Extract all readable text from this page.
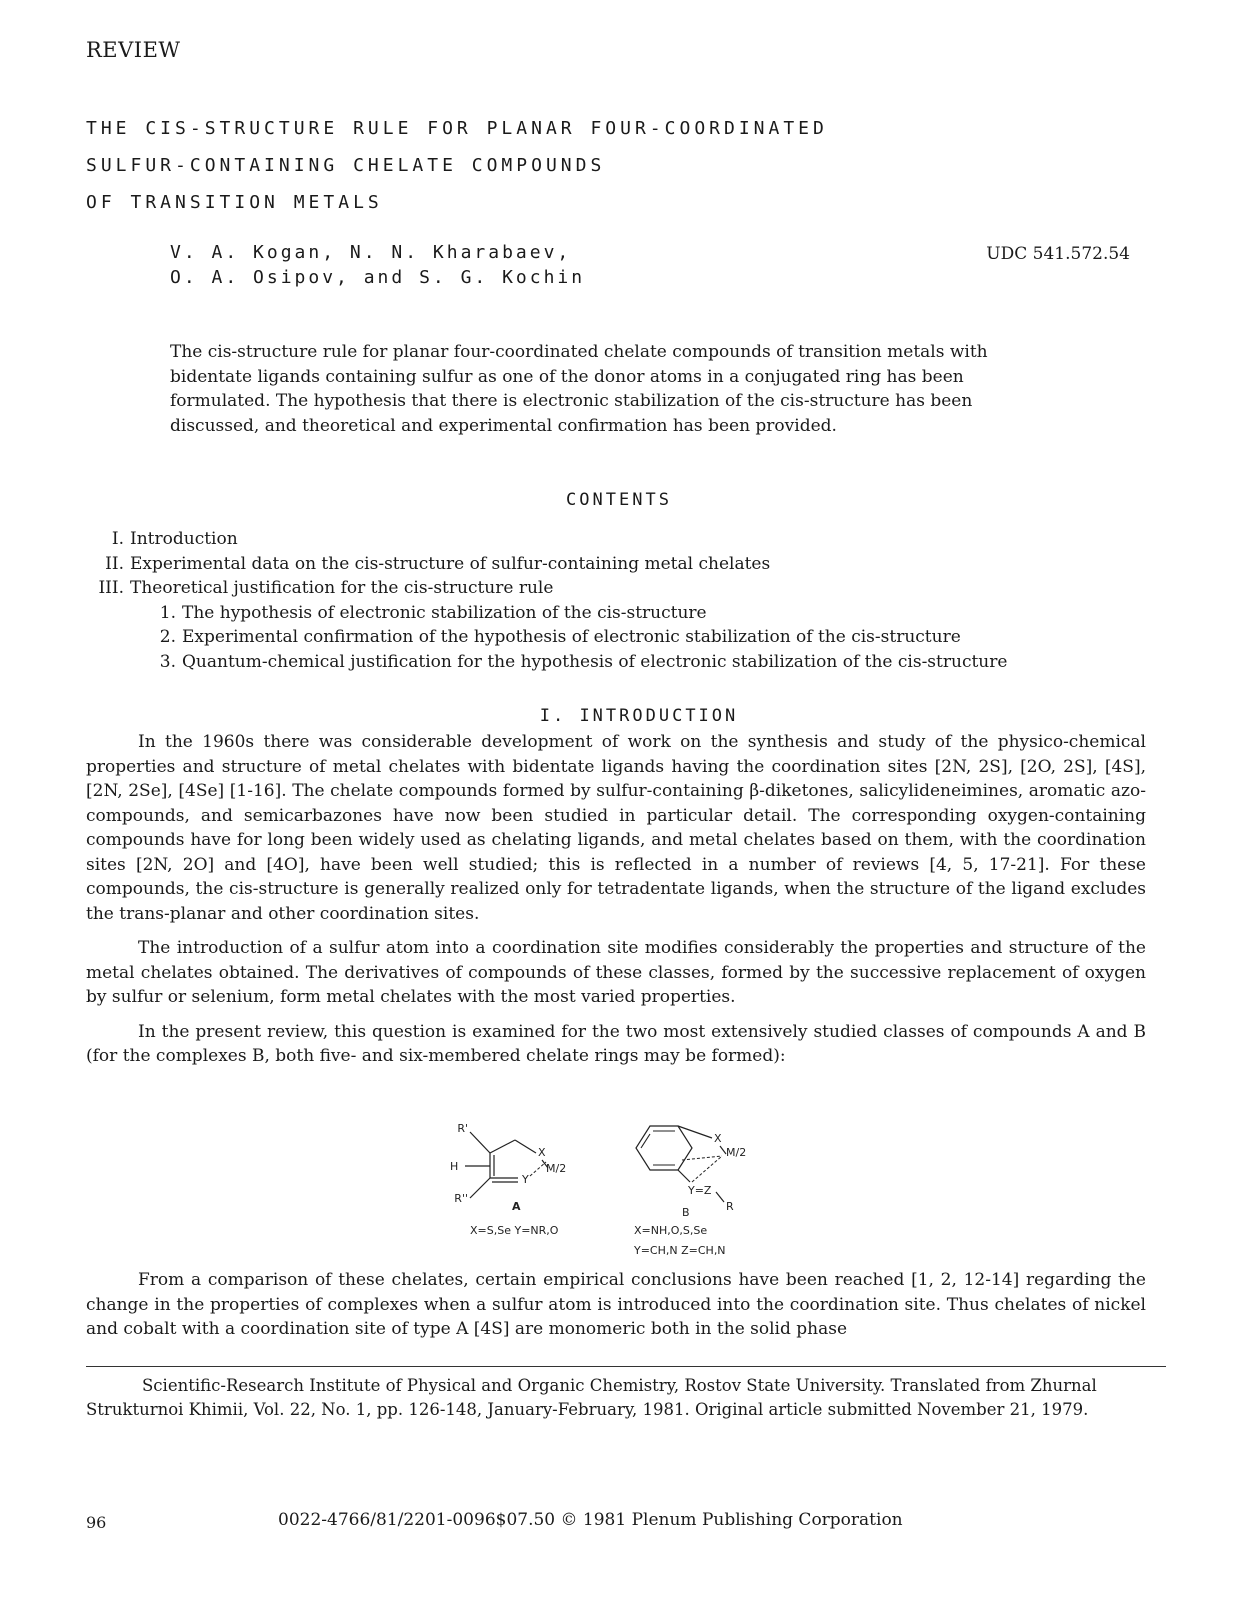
REVIEW
THE CIS-STRUCTURE RULE FOR PLANAR FOUR-COORDINATED
SULFUR-CONTAINING CHELATE COMPOUNDS
OF TRANSITION METALS
V. A. Kogan, N. N. Kharabaev,
O. A. Osipov, and S. G. Kochin
UDC 541.572.54
The cis-structure rule for planar four-coordinated chelate compounds of transition metals with bidentate ligands containing sulfur as one of the donor atoms in a conjugated ring has been formulated. The hypothesis that there is electronic stabilization of the cis-structure has been discussed, and theoretical and experimental confirmation has been provided.
CONTENTS
I. Introduction
II. Experimental data on the cis-structure of sulfur-containing metal chelates
III. Theoretical justification for the cis-structure rule
1. The hypothesis of electronic stabilization of the cis-structure
2. Experimental confirmation of the hypothesis of electronic stabilization of the cis-structure
3. Quantum-chemical justification for the hypothesis of electronic stabilization of the cis-structure
I. INTRODUCTION

In the 1960s there was considerable development of work on the synthesis and study of the physico-chemical properties and structure of metal chelates with bidentate ligands having the coordination sites [2N, 2S], [2O, 2S], [4S], [2N, 2Se], [4Se] [1-16]. The chelate compounds formed by sulfur-containing β-diketones, salicylideneimines, aromatic azo-compounds, and semicarbazones have now been studied in particular detail. The corresponding oxygen-containing compounds have for long been widely used as chelating ligands, and metal chelates based on them, with the coordination sites [2N, 2O] and [4O], have been well studied; this is reflected in a number of reviews [4, 5, 17-21]. For these compounds, the cis-structure is generally realized only for tetradentate ligands, when the structure of the ligand excludes the trans-planar and other coordination sites.

The introduction of a sulfur atom into a coordination site modifies considerably the properties and structure of the metal chelates obtained. The derivatives of compounds of these classes, formed by the successive replacement of oxygen by sulfur or selenium, form metal chelates with the most varied properties.

In the present review, this question is examined for the two most extensively studied classes of compounds A and B (for the complexes B, both five- and six-membered chelate rings may be formed):

R'
X
H
R''
Y
M/2
A
X=S,Se Y=NR,O
X
Y=Z
M/2
R
B
X=NH,O,S,Se
Y=CH,N Z=CH,N

From a comparison of these chelates, certain empirical conclusions have been reached [1, 2, 12-14] regarding the change in the properties of complexes when a sulfur atom is introduced into the coordination site. Thus chelates of nickel and cobalt with a coordination site of type A [4S] are monomeric both in the solid phase

Scientific-Research Institute of Physical and Organic Chemistry, Rostov State University. Translated from Zhurnal Strukturnoi Khimii, Vol. 22, No. 1, pp. 126-148, January-February, 1981. Original article submitted November 21, 1979.

96	0022-4766/81/2201-0096$07.50 © 1981 Plenum Publishing Corporation
